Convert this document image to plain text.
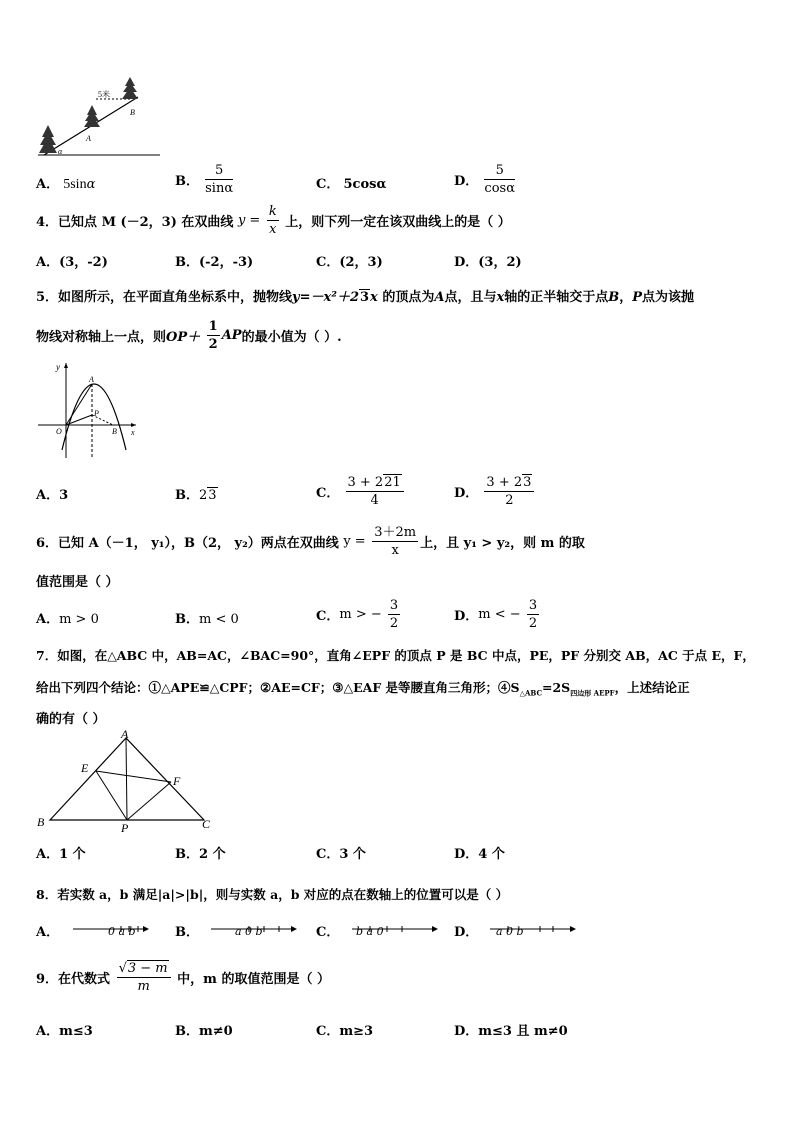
5米
B
A
α
A． 5sinα	B． $\frac{5}{\sin\alpha}$	C． 5cosα	D． $\frac{5}{\cos\alpha}$
4．已知点 M (－2，3) 在双曲线 $y = \frac{k}{x}$ 上，则下列一定在该双曲线上的是（ ）
A．(3，-2)	B．(-2，-3)	C．(2，3)	D．(3，2)
5．如图所示，在平面直角坐标系中，抛物线y=－x²＋23x 的顶点为A点，且与x轴的正半轴交于点B，P点为该抛
物线对称轴上一点，则$OP+ \frac{1}{2}$ AP的最小值为（ ）.
y
A
P
O	B x
A．3	B．23	C． $\frac{3 + 221}{4}$	D． $\frac{3 + 23}{2}$
6．已知 A（－1， y₁），B（2， y₂）两点在双曲线 $y = \frac{3+2m}{x}$ 上，且 y₁ > y₂，则 m 的取
值范围是（ ）
A．m > 0	B．m < 0	C．m > − $\frac{3}{2}$	D．m < − $\frac{3}{2}$
7．如图，在△ABC 中，AB=AC，∠BAC=90°，直角∠EPF 的顶点 P 是 BC 中点，PE，PF 分别交 AB，AC 于点 E，F，
给出下列四个结论：①△APE≌△CPF；②AE=CF；③△EAF 是等腰直角三角形；$④S_{\triangle ABC}=2S_{四边形 AEPF}$，上述结论正
确的有（ ）
A
E
F
B	P	C
A．1 个	B．2 个	C．3 个	D．4 个
8．若实数 a，b 满足|a|>|b|，则与实数 a，b 对应的点在数轴上的位置可以是（ ）
A．	0 a b	B．	a 0 b	C． b a 0	D． a 0 b
9．在代数式 $\frac{√3 - m}{m}$ 中，m 的取值范围是（ ）
A．m≤3	B．m≠0	C．m≥3	D．m≤3 且 m≠0
